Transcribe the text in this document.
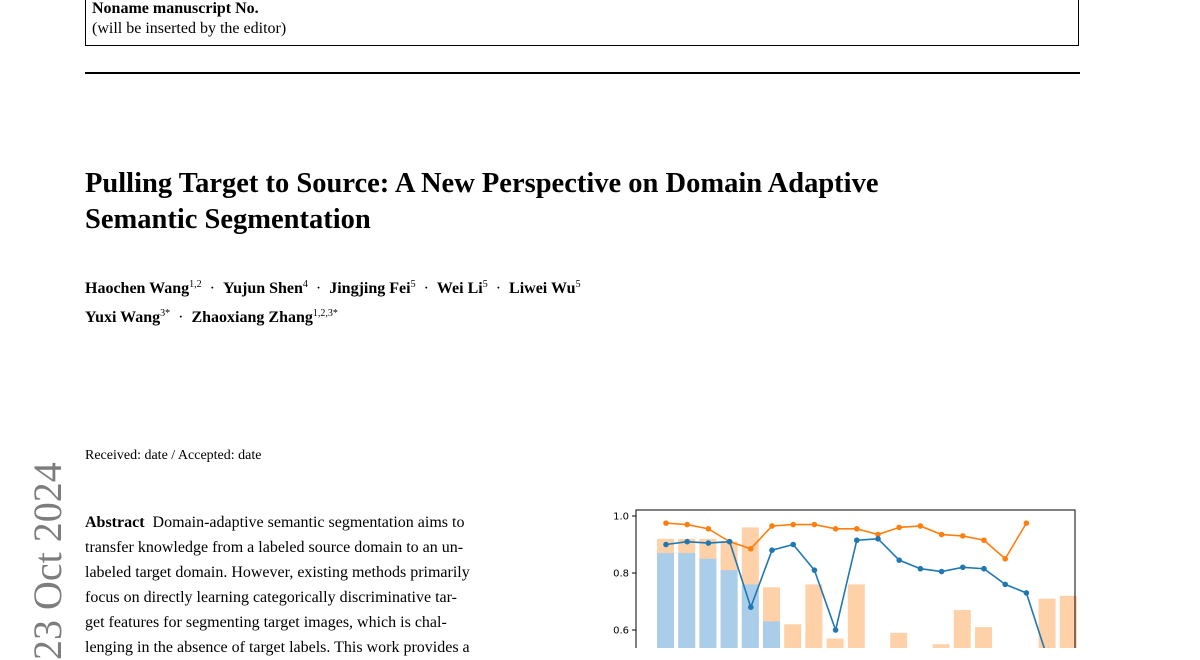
Noname manuscript No.
(will be inserted by the editor)
Pulling Target to Source: A New Perspective on Domain Adaptive
Semantic Segmentation
Haochen Wang$^{1,2}$ · Yujun Shen$^4$ · Jingjing Fei$^5$ · Wei $Li^5$ · Liwei Wu$^5$
Yuxi Wang$^{3*}$ · Zhaoxiang Zhang$^{1,2,3*}$
23 Oct 2024
Received: date / Accepted: date
Abstract Domain-adaptive semantic segmentation aims to
transfer knowledge from a labeled source domain to an un-
labeled target domain. However, existing methods primarily
focus on directly learning categorically discriminative tar-
get features for segmenting target images, which is chal-
lenging in the absence of target labels. This work provides a
1.0
0.8
0.6
